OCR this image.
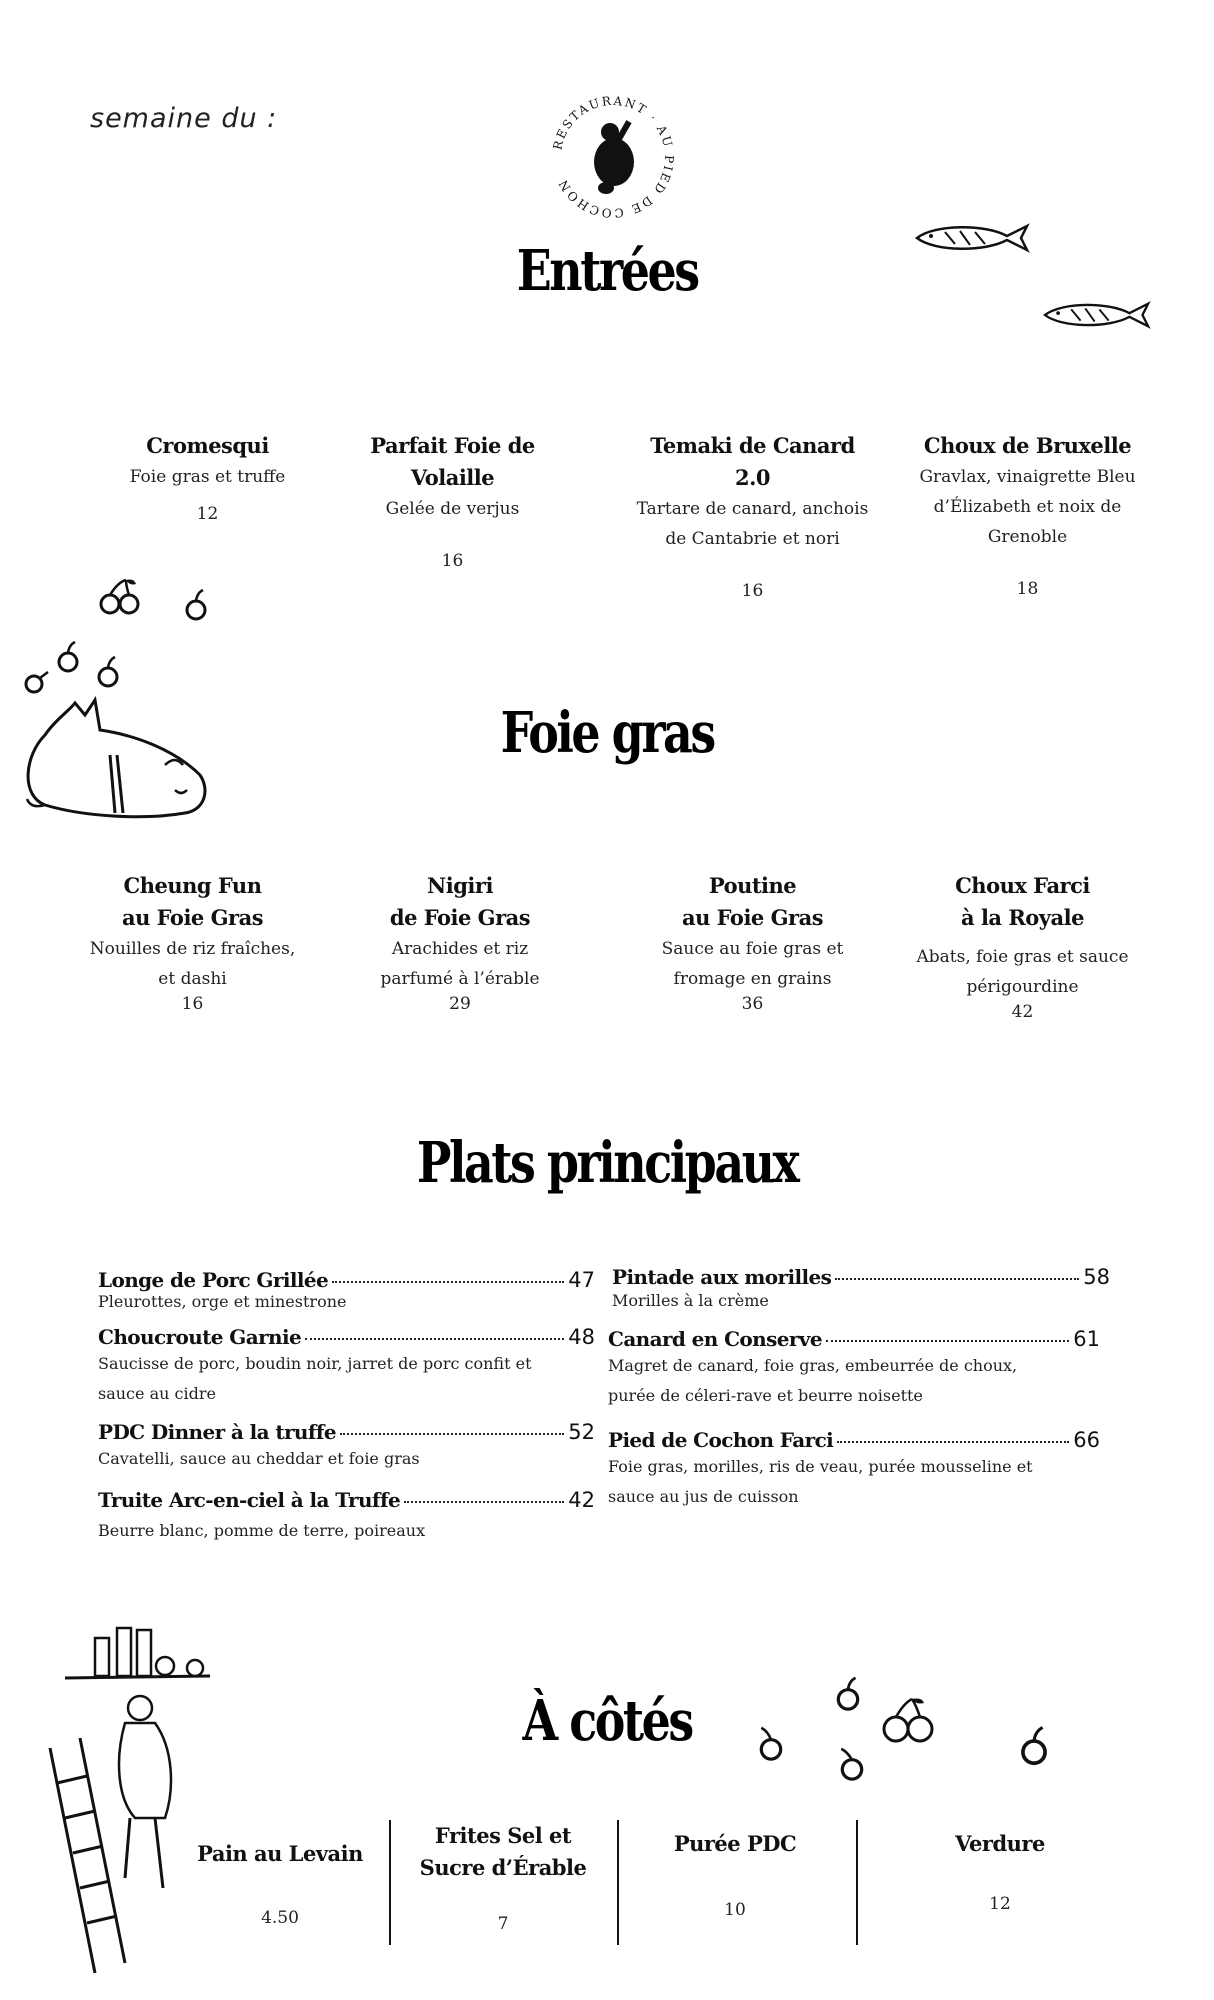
semaine du :
RESTAURANT · AU PIED DE COCHON
Entrées
Cromesqui
Foie gras et truffe
12
Parfait Foie de Volaille
Gelée de verjus
16
Temaki de Canard 2.0
Tartare de canard, anchois
de Cantabrie et nori
16
Choux de Bruxelle
Gravlax, vinaigrette Bleu
d’Élizabeth et noix de
Grenoble
18
Foie gras
Cheung Fun
au Foie Gras
Nouilles de riz fraîches,
et dashi
16
Nigiri
de Foie Gras
Arachides et riz
parfumé à l’érable
29
Poutine
au Foie Gras
Sauce au foie gras et
fromage en grains
36
Choux Farci
à la Royale
Abats, foie gras et sauce
périgourdine
42
Plats principaux
Longe de Porc Grillée	47
Pleurottes, orge et minestrone
Choucroute Garnie	48
Saucisse de porc, boudin noir, jarret de porc confit et
sauce au cidre
PDC Dinner à la truffe	52
Cavatelli, sauce au cheddar et foie gras
Truite Arc-en-ciel à la Truffe	42
Beurre blanc, pomme de terre, poireaux
Pintade aux morilles	58
Morilles à la crème
Canard en Conserve	61
Magret de canard, foie gras, embeurrée de choux,
purée de céleri-rave et beurre noisette
Pied de Cochon Farci	66
Foie gras, morilles, ris de veau, purée mousseline et
sauce au jus de cuisson
À côtés
Pain au Levain
4.50
Frites Sel et
Sucre d’Érable
7
Purée PDC
10
Verdure
12
